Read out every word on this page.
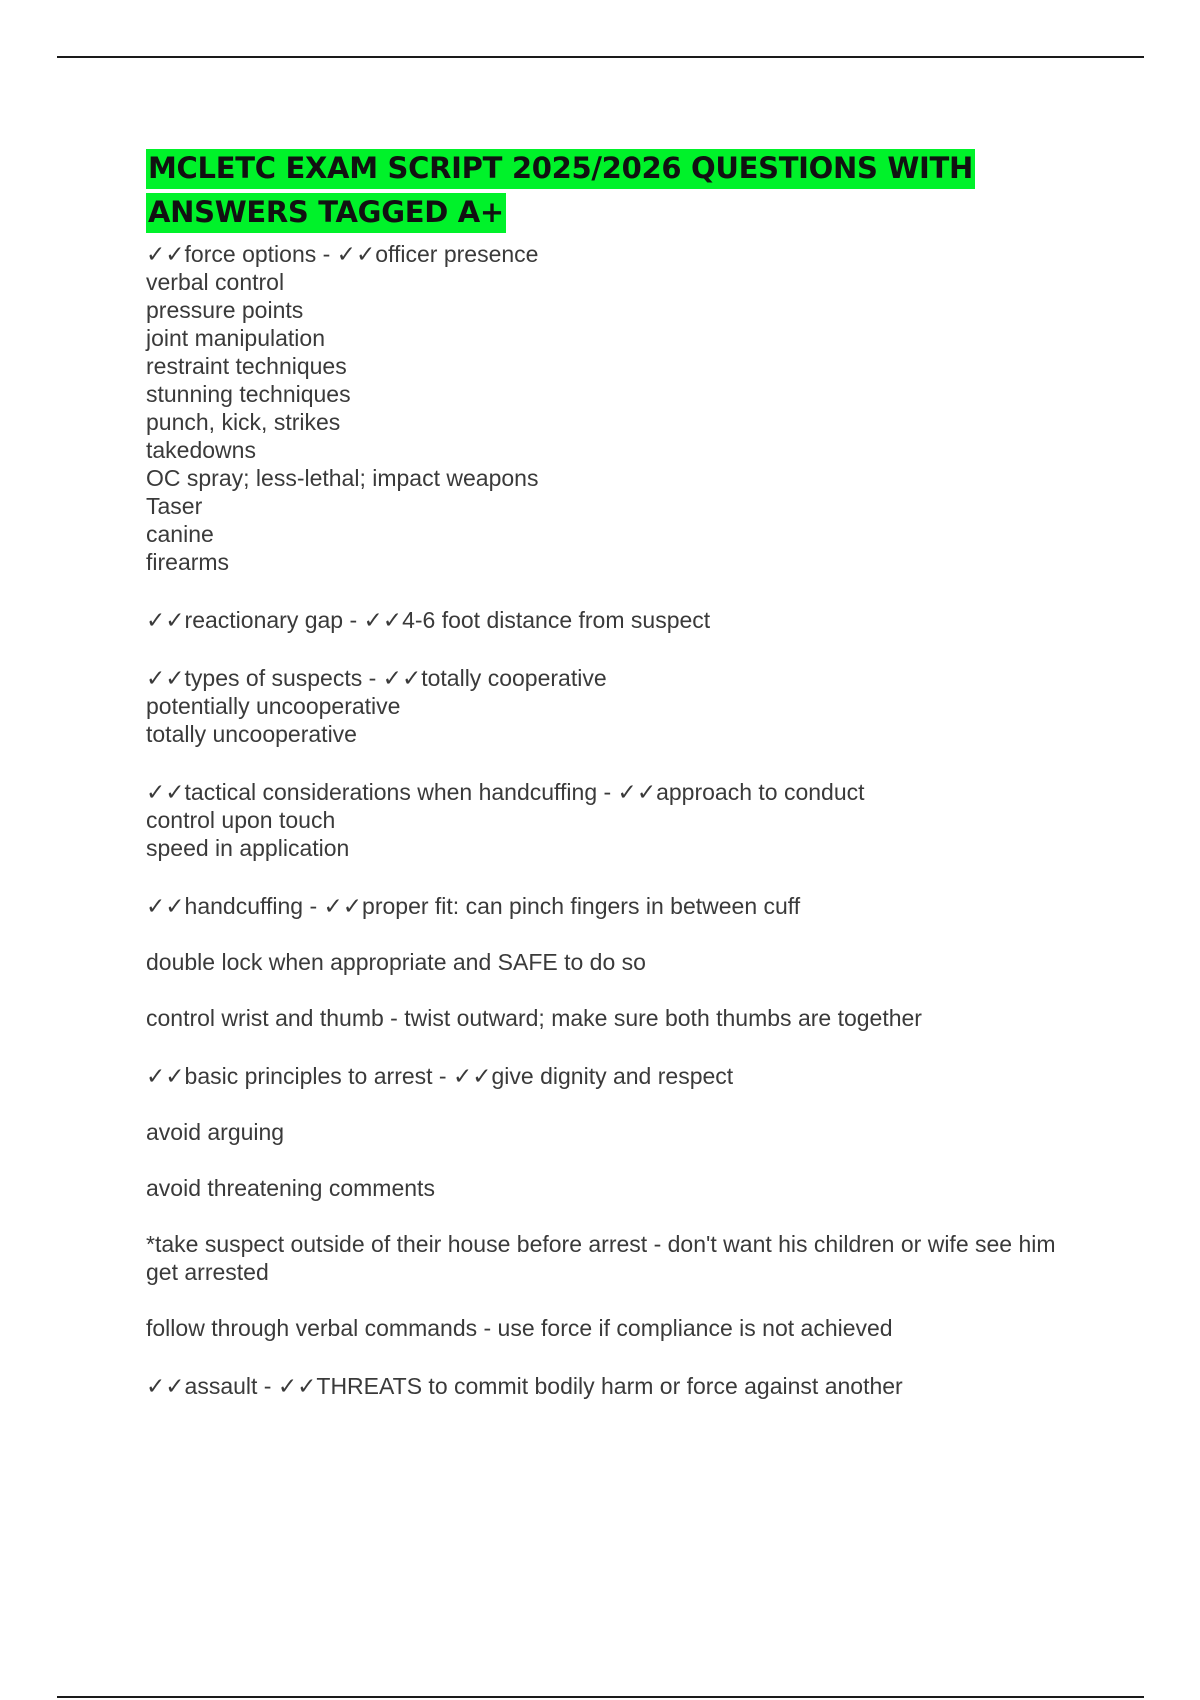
MCLETC EXAM SCRIPT 2025/2026 QUESTIONS WITH ANSWERS TAGGED A+
✓✓force options - ✓✓officer presence
verbal control
pressure points
joint manipulation
restraint techniques
stunning techniques
punch, kick, strikes
takedowns
OC spray; less-lethal; impact weapons
Taser
canine
firearms
✓✓reactionary gap - ✓✓4-6 foot distance from suspect
✓✓types of suspects - ✓✓totally cooperative
potentially uncooperative
totally uncooperative
✓✓tactical considerations when handcuffing - ✓✓approach to conduct
control upon touch
speed in application
✓✓handcuffing - ✓✓proper fit: can pinch fingers in between cuff
double lock when appropriate and SAFE to do so
control wrist and thumb - twist outward; make sure both thumbs are together
✓✓basic principles to arrest - ✓✓give dignity and respect
avoid arguing
avoid threatening comments
*take suspect outside of their house before arrest - don't want his children or wife see him get arrested
follow through verbal commands - use force if compliance is not achieved
✓✓assault - ✓✓THREATS to commit bodily harm or force against another
